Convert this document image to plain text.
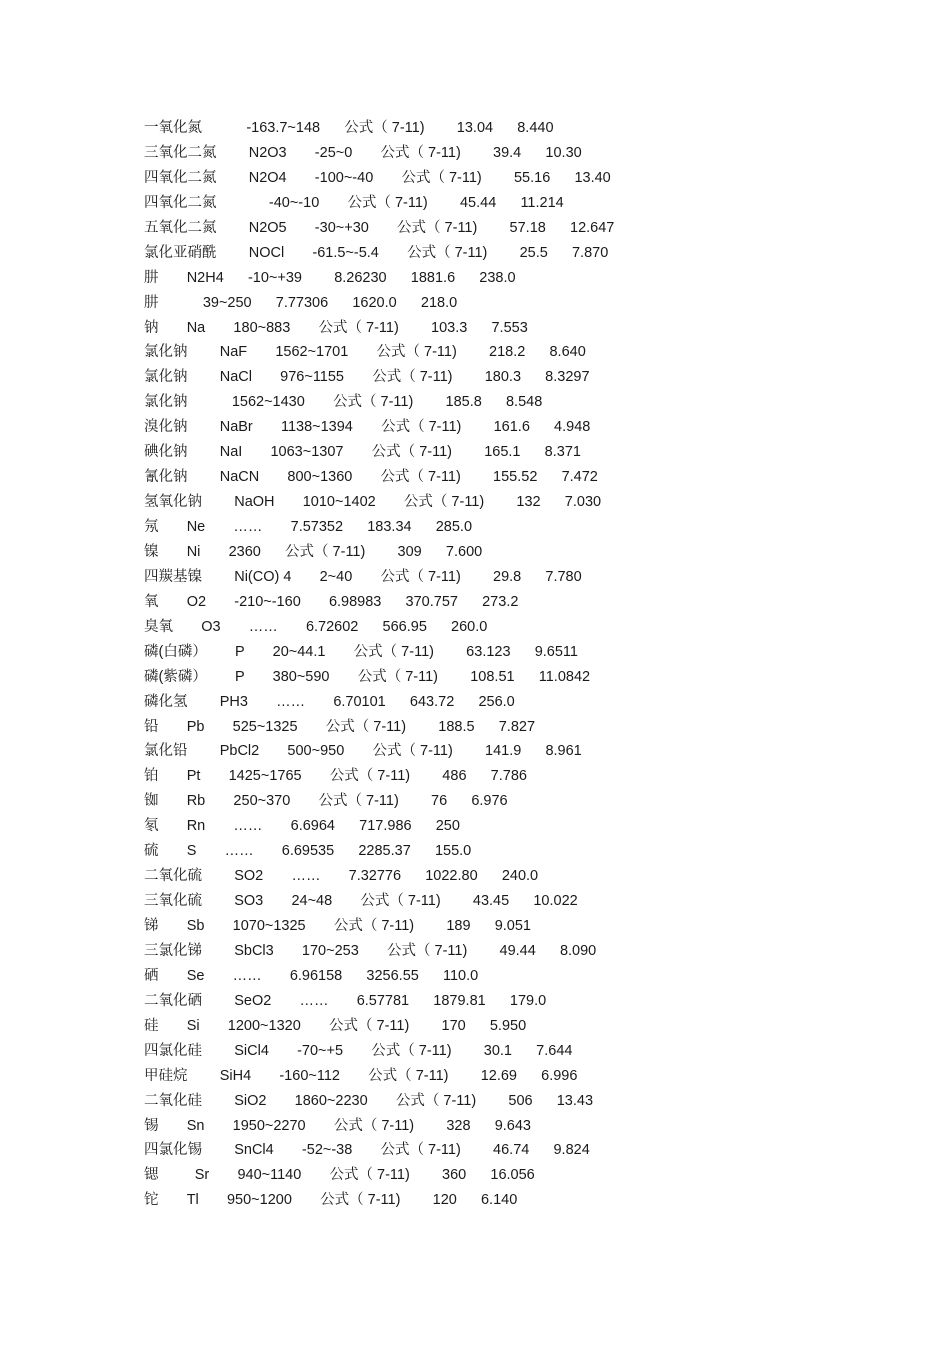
一氧化氮           -163.7~148      公式（ 7-11)        13.04      8.440
三氧化二氮        N2O3       -25~0       公式（ 7-11)        39.4      10.30
四氧化二氮        N2O4       -100~-40       公式（ 7-11)        55.16      13.40
四氧化二氮             -40~-10       公式（ 7-11)        45.44      11.214
五氧化二氮        N2O5       -30~+30       公式（ 7-11)        57.18      12.647
氯化亚硝酰        NOCl       -61.5~-5.4       公式（ 7-11)        25.5      7.870
肼       N2H4      -10~+39        8.26230      1881.6      238.0
肼           39~250      7.77306      1620.0      218.0
钠       Na       180~883       公式（ 7-11)        103.3      7.553
氯化钠        NaF       1562~1701       公式（ 7-11)        218.2      8.640
氯化钠        NaCl       976~1155       公式（ 7-11)        180.3      8.3297
氯化钠           1562~1430       公式（ 7-11)        185.8      8.548
溴化钠        NaBr       1138~1394       公式（ 7-11)        161.6      4.948
碘化钠        NaI       1063~1307       公式（ 7-11)        165.1      8.371
氰化钠        NaCN       800~1360       公式（ 7-11)        155.52      7.472
氢氧化钠        NaOH       1010~1402       公式（ 7-11)        132      7.030
氖       Ne       ……       7.57352      183.34      285.0
镍       Ni       2360      公式（ 7-11)        309      7.600
四羰基镍        Ni(CO) 4       2~40       公式（ 7-11)        29.8      7.780
氧       O2       -210~-160       6.98983      370.757      273.2
臭氧       O3       ……       6.72602      566.95      260.0
磷(白磷）       P       20~44.1       公式（ 7-11)        63.123      9.6511
磷(紫磷）       P       380~590       公式（ 7-11)        108.51      11.0842
磷化氢        PH3       ……       6.70101      643.72      256.0
铅       Pb       525~1325       公式（ 7-11)        188.5      7.827
氯化铅        PbCl2       500~950       公式（ 7-11)        141.9      8.961
铂       Pt       1425~1765       公式（ 7-11)        486      7.786
铷       Rb       250~370       公式（ 7-11)        76      6.976
氡       Rn       ……       6.6964      717.986      250
硫       S       ……       6.69535      2285.37      155.0
二氧化硫        SO2       ……       7.32776      1022.80      240.0
三氧化硫        SO3       24~48       公式（ 7-11)        43.45      10.022
锑       Sb       1070~1325       公式（ 7-11)        189      9.051
三氯化锑        SbCl3       170~253       公式（ 7-11)        49.44      8.090
硒       Se       ……       6.96158      3256.55      110.0
二氧化硒        SeO2       ……       6.57781      1879.81      179.0
硅       Si       1200~1320       公式（ 7-11)        170      5.950
四氯化硅        SiCl4       -70~+5       公式（ 7-11)        30.1      7.644
甲硅烷        SiH4       -160~112       公式（ 7-11)        12.69      6.996
二氧化硅        SiO2       1860~2230       公式（ 7-11)        506      13.43
锡       Sn       1950~2270       公式（ 7-11)        328      9.643
四氯化锡        SnCl4       -52~-38       公式（ 7-11)        46.74      9.824
锶         Sr       940~1140       公式（ 7-11)        360      16.056
铊       Tl       950~1200       公式（ 7-11)        120      6.140
